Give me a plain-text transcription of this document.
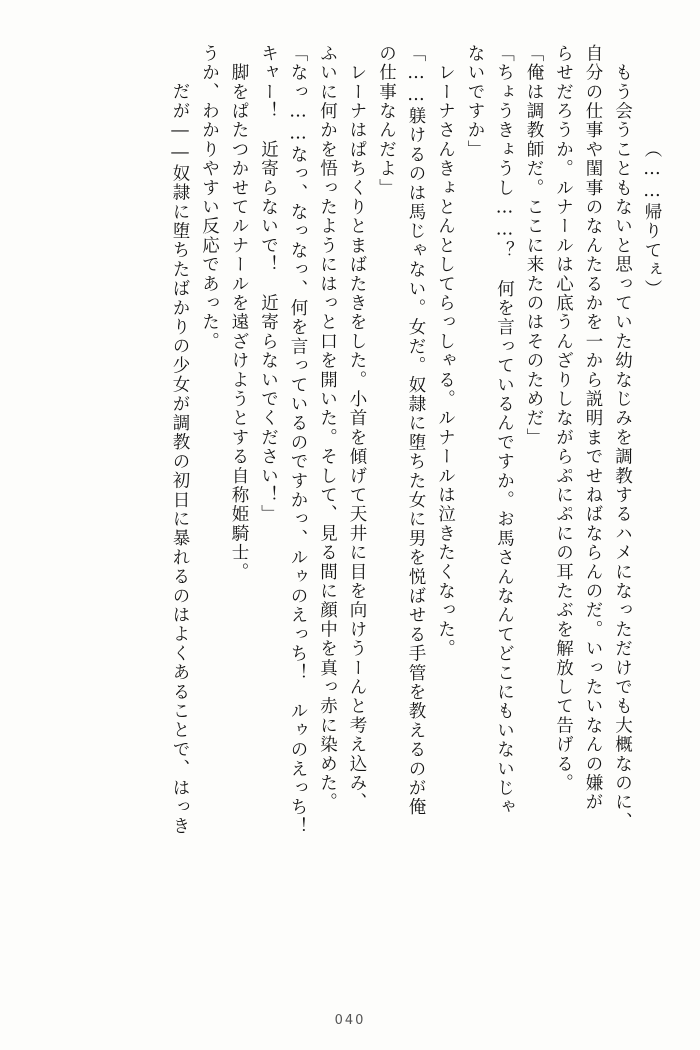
（……帰りてぇ）
　もう会うこともないと思っていた幼なじみを調教するハメになっただけでも大概なのに、
自分の仕事や閨事のなんたるかを一から説明までせねばならんのだ。いったいなんの嫌が
らせだろうか。ルナールは心底うんざりしながらぷにぷにの耳たぶを解放して告げる。
「俺は調教師だ。ここに来たのはそのためだ」
「ちょうきょうし……？　何を言っているんですか。お馬さんなんてどこにもいないじゃ
ないですか」
　レーナさんきょとんとしてらっしゃる。ルナールは泣きたくなった。
「……躾けるのは馬じゃない。女だ。奴隷に堕ちた女に男を悦ばせる手管を教えるのが俺
の仕事なんだよ」
　レーナはぱちくりとまばたきをした。小首を傾げて天井に目を向けうーんと考え込み、
ふいに何かを悟ったようにはっと口を開いた。そして、見る間に顔中を真っ赤に染めた。
「なっ……なっ、なっなっ、何を言っているのですかっ、ルゥのえっち！　ルゥのえっち！
キャー！　近寄らないで！　近寄らないでください！」
　脚をぱたつかせてルナールを遠ざけようとする自称姫騎士。
うか、わかりやすい反応であった。
　だが――奴隷に堕ちたばかりの少女が調教の初日に暴れるのはよくあることで、はっき
040
